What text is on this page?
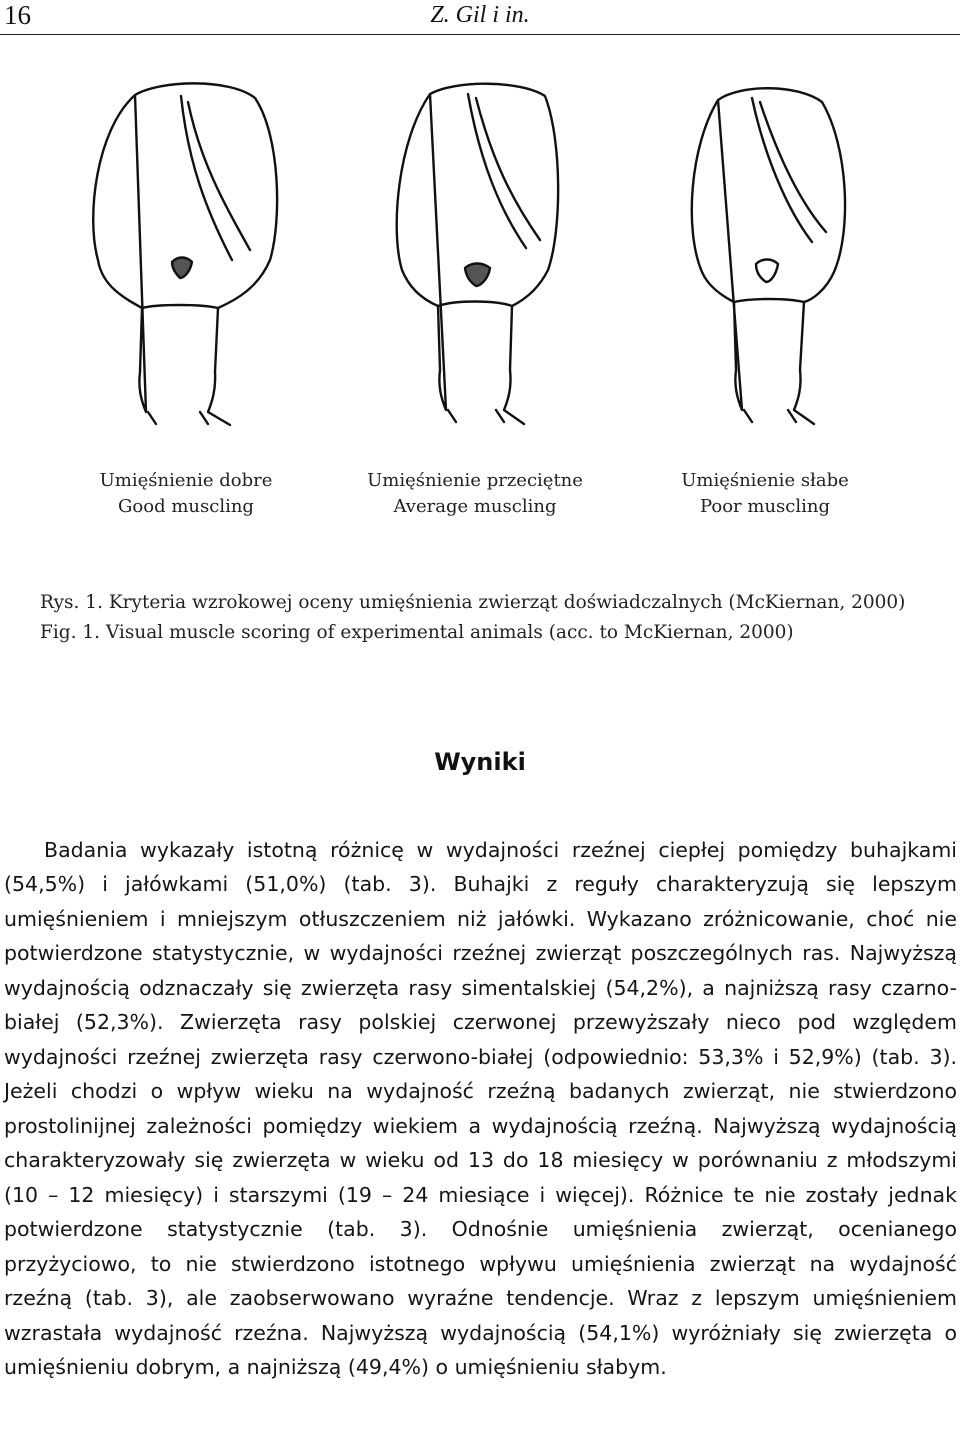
16	Z. Gil i in.
Umięśnienie dobre
Good muscling
Umięśnienie przeciętne
Average muscling
Umięśnienie słabe
Poor muscling
Rys. 1. Kryteria wzrokowej oceny umięśnienia zwierząt doświadczalnych (McKiernan, 2000)
Fig. 1. Visual muscle scoring of experimental animals (acc. to McKiernan, 2000)
Wyniki

Badania wykazały istotną różnicę w wydajności rzeźnej ciepłej pomiędzy buhajkami (54,5%) i jałówkami (51,0%) (tab. 3). Buhajki z reguły charakteryzują się lepszym umięśnieniem i mniejszym otłuszczeniem niż jałówki. Wykazano zróżnicowanie, choć nie potwierdzone statystycznie, w wydajności rzeźnej zwierząt poszczególnych ras. Najwyższą wydajnością odznaczały się zwierzęta rasy simentalskiej (54,2%), a najniższą rasy czarno-białej (52,3%). Zwierzęta rasy polskiej czerwonej przewyższały nieco pod względem wydajności rzeźnej zwierzęta rasy czerwono-białej (odpowiednio: 53,3% i 52,9%) (tab. 3). Jeżeli chodzi o wpływ wieku na wydajność rzeźną badanych zwierząt, nie stwierdzono prostolinijnej zależności pomiędzy wiekiem a wydajnością rzeźną. Najwyższą wydajnością charakteryzowały się zwierzęta w wieku od 13 do 18 miesięcy w porównaniu z młodszymi (10 – 12 miesięcy) i starszymi (19 – 24 miesiące i więcej). Różnice te nie zostały jednak potwierdzone statystycznie (tab. 3). Odnośnie umięśnienia zwierząt, ocenianego przyżyciowo, to nie stwierdzono istotnego wpływu umięśnienia zwierząt na wydajność rzeźną (tab. 3), ale zaobserwowano wyraźne tendencje. Wraz z lepszym umięśnieniem wzrastała wydajność rzeźna. Najwyższą wydajnością (54,1%) wyróżniały się zwierzęta o umięśnieniu dobrym, a najniższą (49,4%) o umięśnieniu słabym.
